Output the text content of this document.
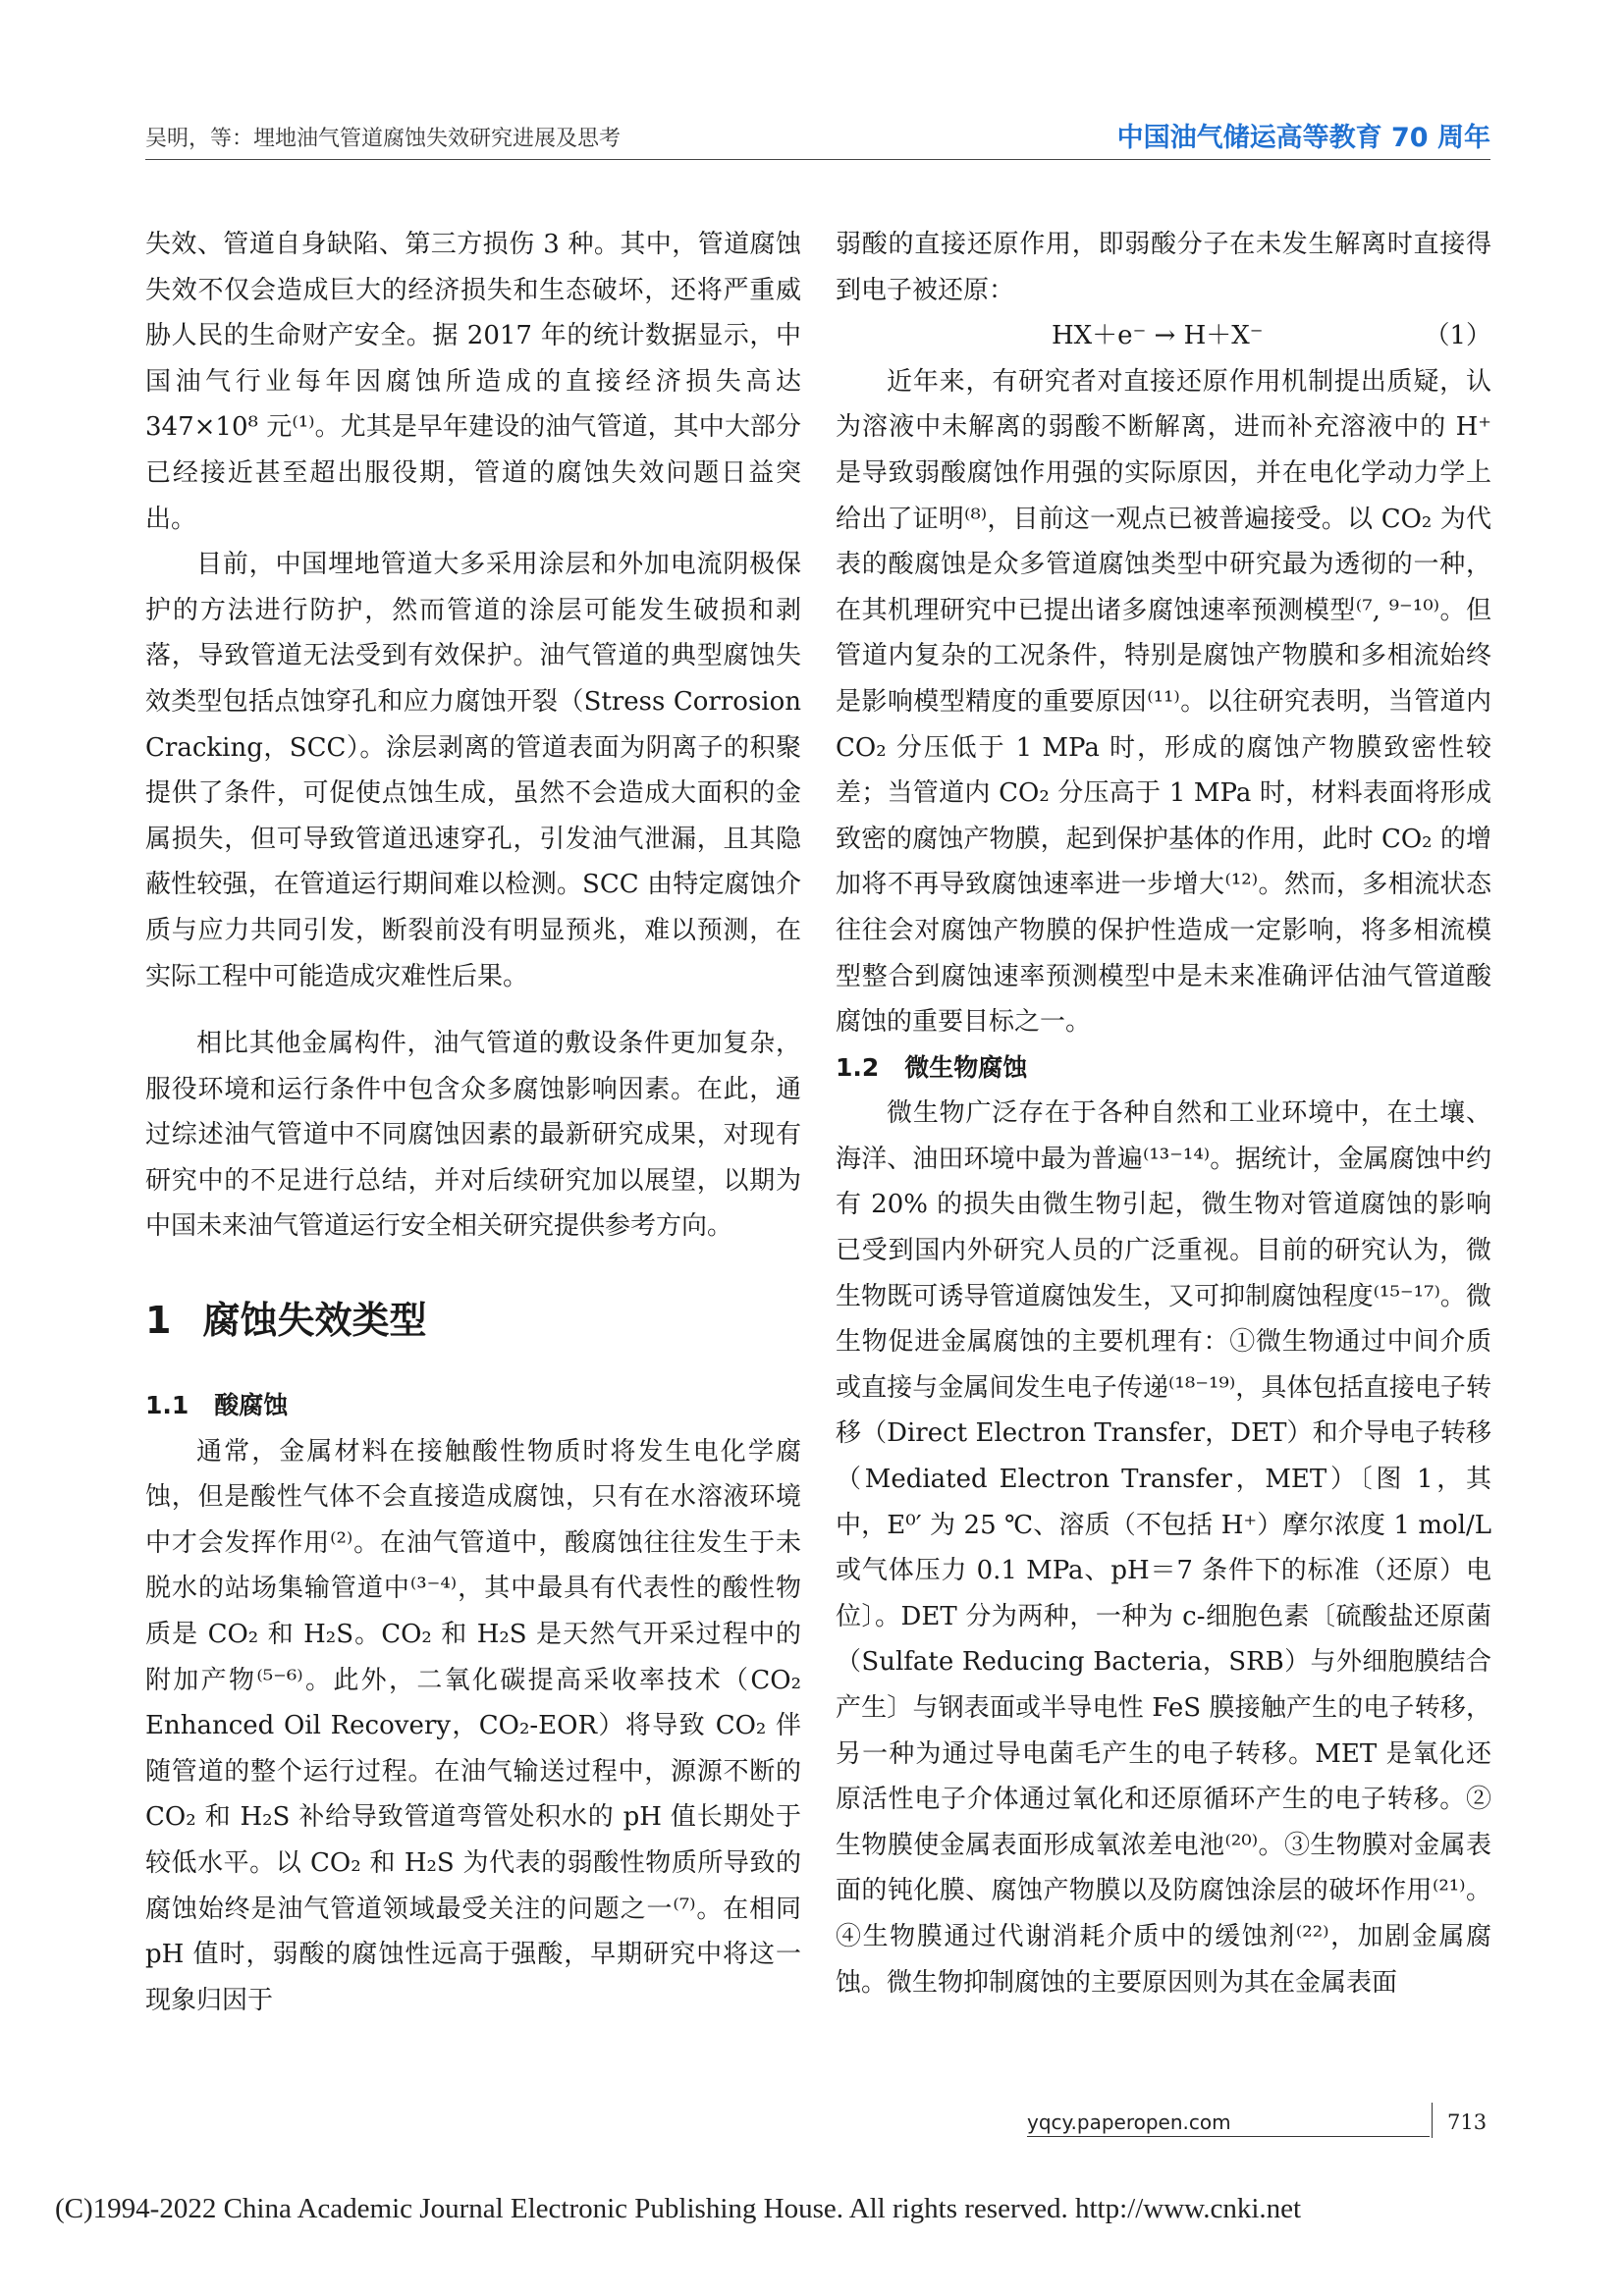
吴明，等：埋地油气管道腐蚀失效研究进展及思考	中国油气储运高等教育 70 周年

失效、管道自身缺陷、第三方损伤 3 种。其中，管道腐蚀失效不仅会造成巨大的经济损失和生态破坏，还将严重威胁人民的生命财产安全。据 2017 年的统计数据显示，中国油气行业每年因腐蚀所造成的直接经济损失高达 347×10⁸ 元⁽¹⁾。尤其是早年建设的油气管道，其中大部分已经接近甚至超出服役期，管道的腐蚀失效问题日益突出。

目前，中国埋地管道大多采用涂层和外加电流阴极保护的方法进行防护，然而管道的涂层可能发生破损和剥落，导致管道无法受到有效保护。油气管道的典型腐蚀失效类型包括点蚀穿孔和应力腐蚀开裂（Stress Corrosion Cracking，SCC）。涂层剥离的管道表面为阴离子的积聚提供了条件，可促使点蚀生成，虽然不会造成大面积的金属损失，但可导致管道迅速穿孔，引发油气泄漏，且其隐蔽性较强，在管道运行期间难以检测。SCC 由特定腐蚀介质与应力共同引发，断裂前没有明显预兆，难以预测，在实际工程中可能造成灾难性后果。

相比其他金属构件，油气管道的敷设条件更加复杂，服役环境和运行条件中包含众多腐蚀影响因素。在此，通过综述油气管道中不同腐蚀因素的最新研究成果，对现有研究中的不足进行总结，并对后续研究加以展望，以期为中国未来油气管道运行安全相关研究提供参考方向。

1 腐蚀失效类型

1.1 酸腐蚀

通常，金属材料在接触酸性物质时将发生电化学腐蚀，但是酸性气体不会直接造成腐蚀，只有在水溶液环境中才会发挥作用⁽²⁾。在油气管道中，酸腐蚀往往发生于未脱水的站场集输管道中⁽³⁻⁴⁾，其中最具有代表性的酸性物质是 CO₂ 和 H₂S。CO₂ 和 H₂S 是天然气开采过程中的附加产物⁽⁵⁻⁶⁾。此外，二氧化碳提高采收率技术（CO₂ Enhanced Oil Recovery，CO₂-EOR）将导致 CO₂ 伴随管道的整个运行过程。在油气输送过程中，源源不断的 CO₂ 和 H₂S 补给导致管道弯管处积水的 pH 值长期处于较低水平。以 CO₂ 和 H₂S 为代表的弱酸性物质所导致的腐蚀始终是油气管道领域最受关注的问题之一⁽⁷⁾。在相同 pH 值时，弱酸的腐蚀性远高于强酸，早期研究中将这一现象归因于

弱酸的直接还原作用，即弱酸分子在未发生解离时直接得到电子被还原：

HX＋e⁻ → H＋X⁻	（1）

近年来，有研究者对直接还原作用机制提出质疑，认为溶液中未解离的弱酸不断解离，进而补充溶液中的 H⁺ 是导致弱酸腐蚀作用强的实际原因，并在电化学动力学上给出了证明⁽⁸⁾，目前这一观点已被普遍接受。以 CO₂ 为代表的酸腐蚀是众多管道腐蚀类型中研究最为透彻的一种，在其机理研究中已提出诸多腐蚀速率预测模型⁽⁷, ⁹⁻¹⁰⁾。但管道内复杂的工况条件，特别是腐蚀产物膜和多相流始终是影响模型精度的重要原因⁽¹¹⁾。以往研究表明，当管道内 CO₂ 分压低于 1 MPa 时，形成的腐蚀产物膜致密性较差；当管道内 CO₂ 分压高于 1 MPa 时，材料表面将形成致密的腐蚀产物膜，起到保护基体的作用，此时 CO₂ 的增加将不再导致腐蚀速率进一步增大⁽¹²⁾。然而，多相流状态往往会对腐蚀产物膜的保护性造成一定影响，将多相流模型整合到腐蚀速率预测模型中是未来准确评估油气管道酸腐蚀的重要目标之一。

1.2 微生物腐蚀

微生物广泛存在于各种自然和工业环境中，在土壤、海洋、油田环境中最为普遍⁽¹³⁻¹⁴⁾。据统计，金属腐蚀中约有 20% 的损失由微生物引起，微生物对管道腐蚀的影响已受到国内外研究人员的广泛重视。目前的研究认为，微生物既可诱导管道腐蚀发生，又可抑制腐蚀程度⁽¹⁵⁻¹⁷⁾。微生物促进金属腐蚀的主要机理有：①微生物通过中间介质或直接与金属间发生电子传递⁽¹⁸⁻¹⁹⁾，具体包括直接电子转移（Direct Electron Transfer，DET）和介导电子转移（Mediated Electron Transfer，MET）〔图 1，其中，E⁰′ 为 25 ℃、溶质（不包括 H⁺）摩尔浓度 1 mol/L 或气体压力 0.1 MPa、pH＝7 条件下的标准（还原）电位〕。DET 分为两种，一种为 c-细胞色素〔硫酸盐还原菌（Sulfate Reducing Bacteria，SRB）与外细胞膜结合产生〕与钢表面或半导电性 FeS 膜接触产生的电子转移，另一种为通过导电菌毛产生的电子转移。MET 是氧化还原活性电子介体通过氧化和还原循环产生的电子转移。②生物膜使金属表面形成氧浓差电池⁽²⁰⁾。③生物膜对金属表面的钝化膜、腐蚀产物膜以及防腐蚀涂层的破坏作用⁽²¹⁾。④生物膜通过代谢消耗介质中的缓蚀剂⁽²²⁾，加剧金属腐蚀。微生物抑制腐蚀的主要原因则为其在金属表面

yqcy.paperopen.com	713
(C)1994-2022 China Academic Journal Electronic Publishing House. All rights reserved. http://www.cnki.net
